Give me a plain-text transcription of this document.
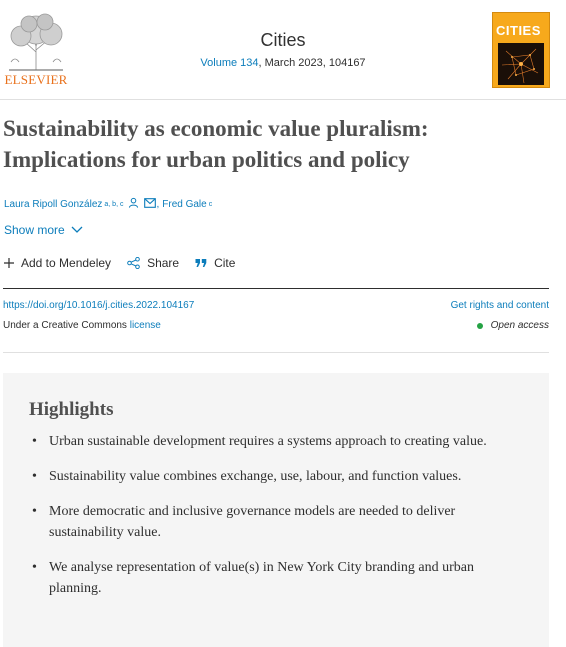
ELSEVIER
Cities
Volume 134, March 2023, 104167
CITIES
Sustainability as economic value pluralism: Implications for urban politics and policy
Laura Ripoll González a, b, c	, Fred Gale c
Show more
Add to Mendeley	Share	Cite
https://doi.org/10.1016/j.cities.2022.104167	Get rights and content
Under a Creative Commons license	Open access
Highlights
• Urban sustainable development requires a systems approach to creating value.
• Sustainability value combines exchange, use, labour, and function values.
• More democratic and inclusive governance models are needed to deliver sustainability value.
• We analyse representation of value(s) in New York City branding and urban planning.
